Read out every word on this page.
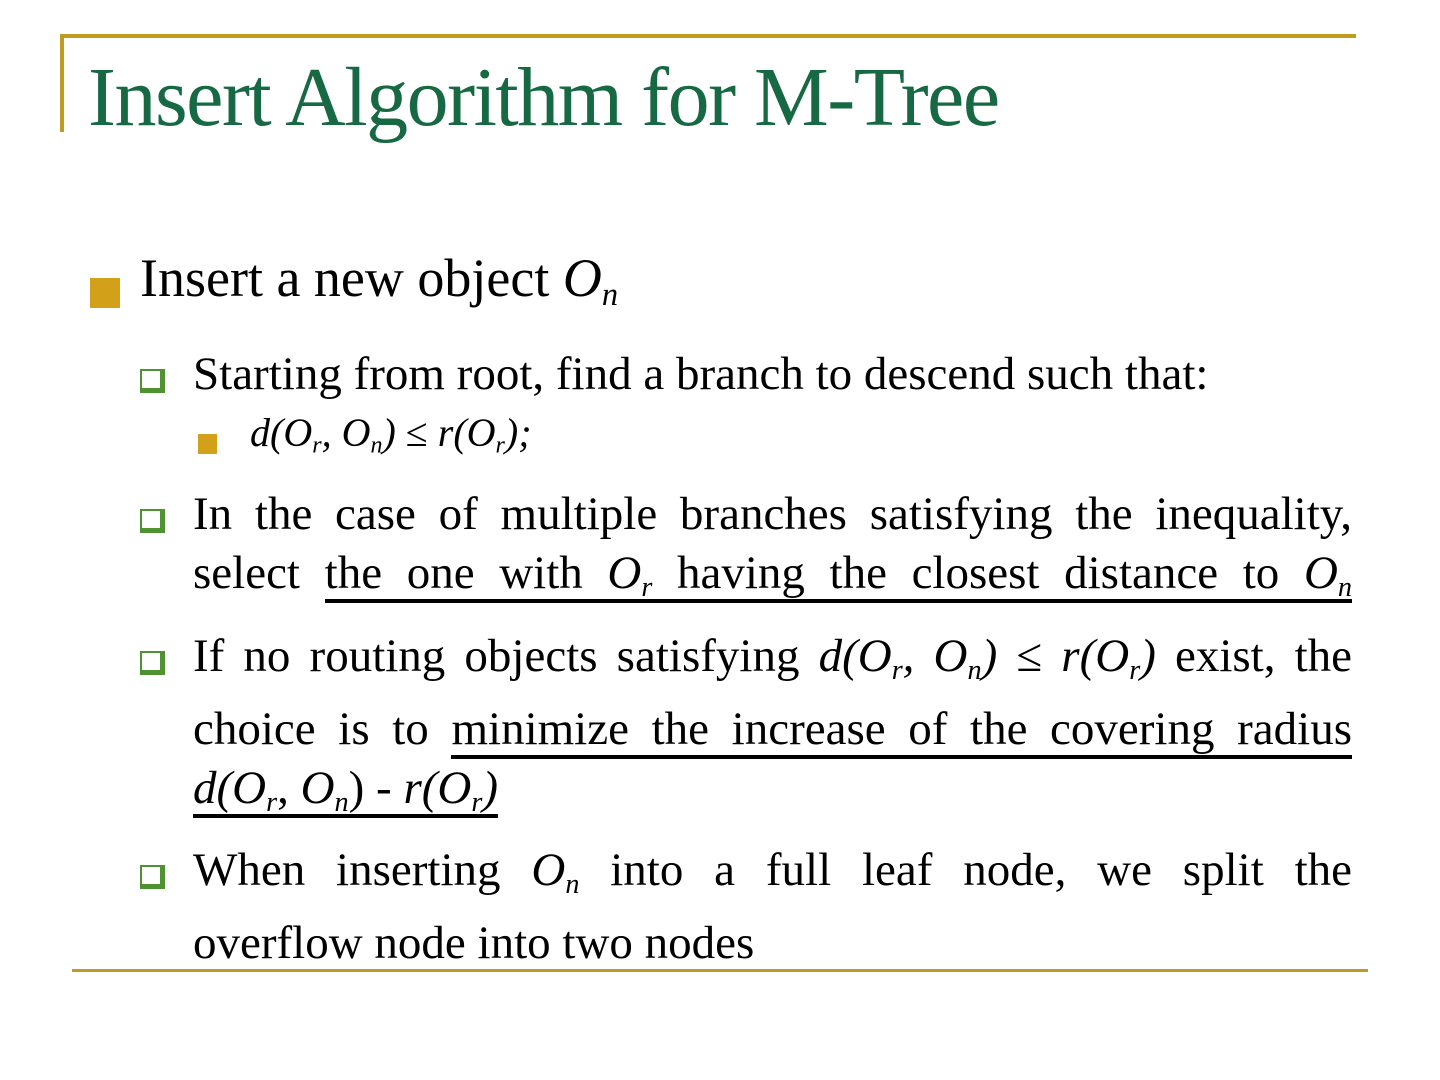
Insert Algorithm for M-Tree
Insert a new object $O_n$
Starting from root, find a branch to descend such that:
$d(O_r$, $O_n) \le r(O_r)$;
In the case of multiple branches satisfying the inequality,
select the one with $O_r$ having the closest distance to $O_n$
If no routing objects satisfying $d(O_r$, $O_n) \le r(O_r)$ exist, the
choice is to minimize the increase of the covering radius
$d(O_r$, $O_n) - r(O_r)$
When inserting $O_n$ into a full leaf node, we split the
overflow node into two nodes
